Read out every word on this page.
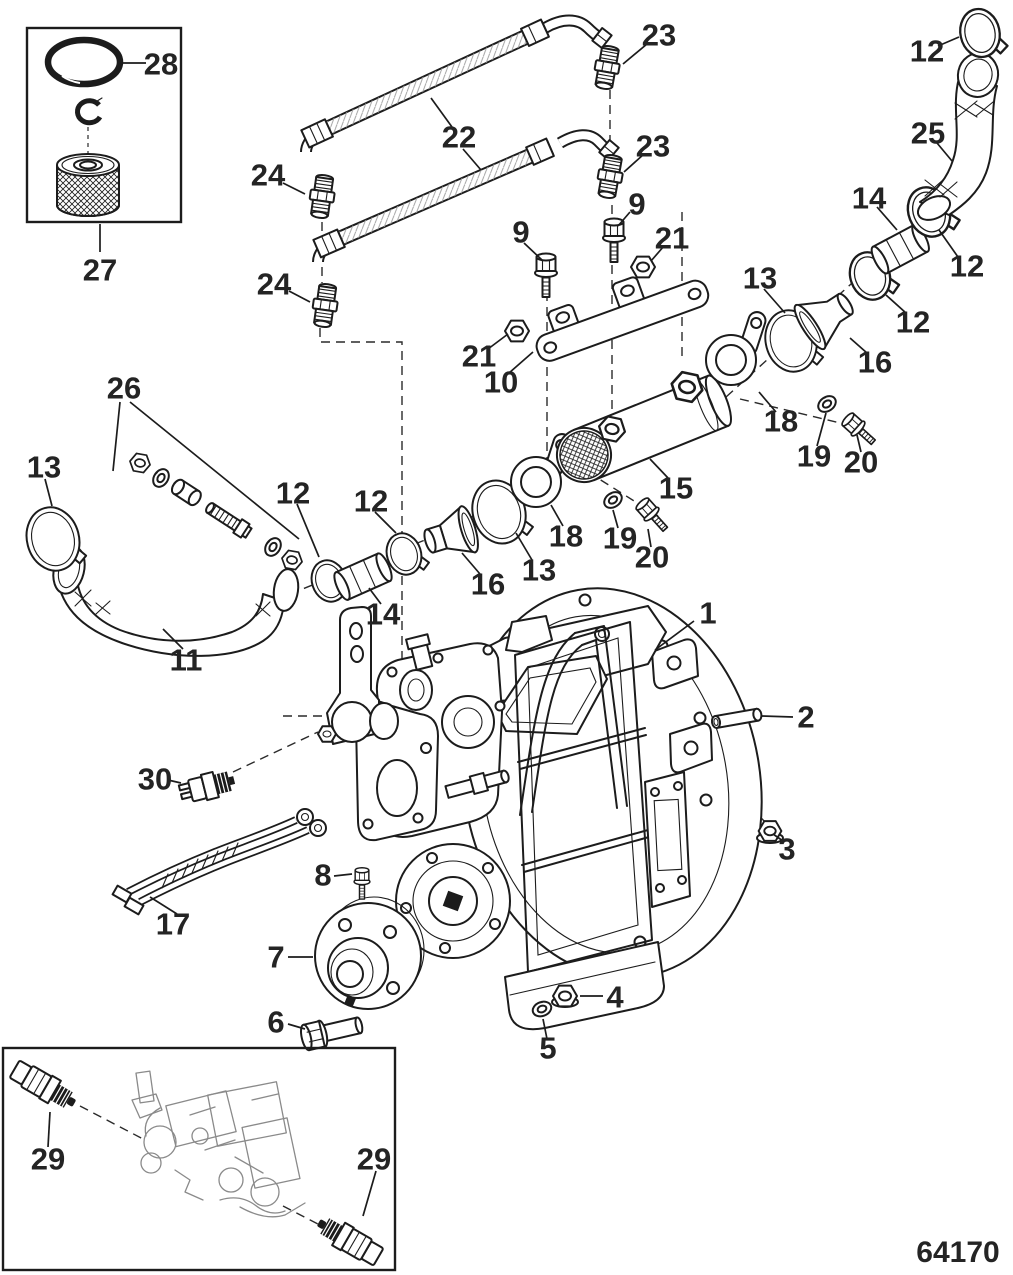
28
27
26
22
23
23
24
24
9
9
21
21
10
12
25
14
12
12
16
13
18
19 20
15
18 19
20
13
16
13
12 12
14
11
1
2
3
30
17
8
7
6
4
5
29	29
64170
